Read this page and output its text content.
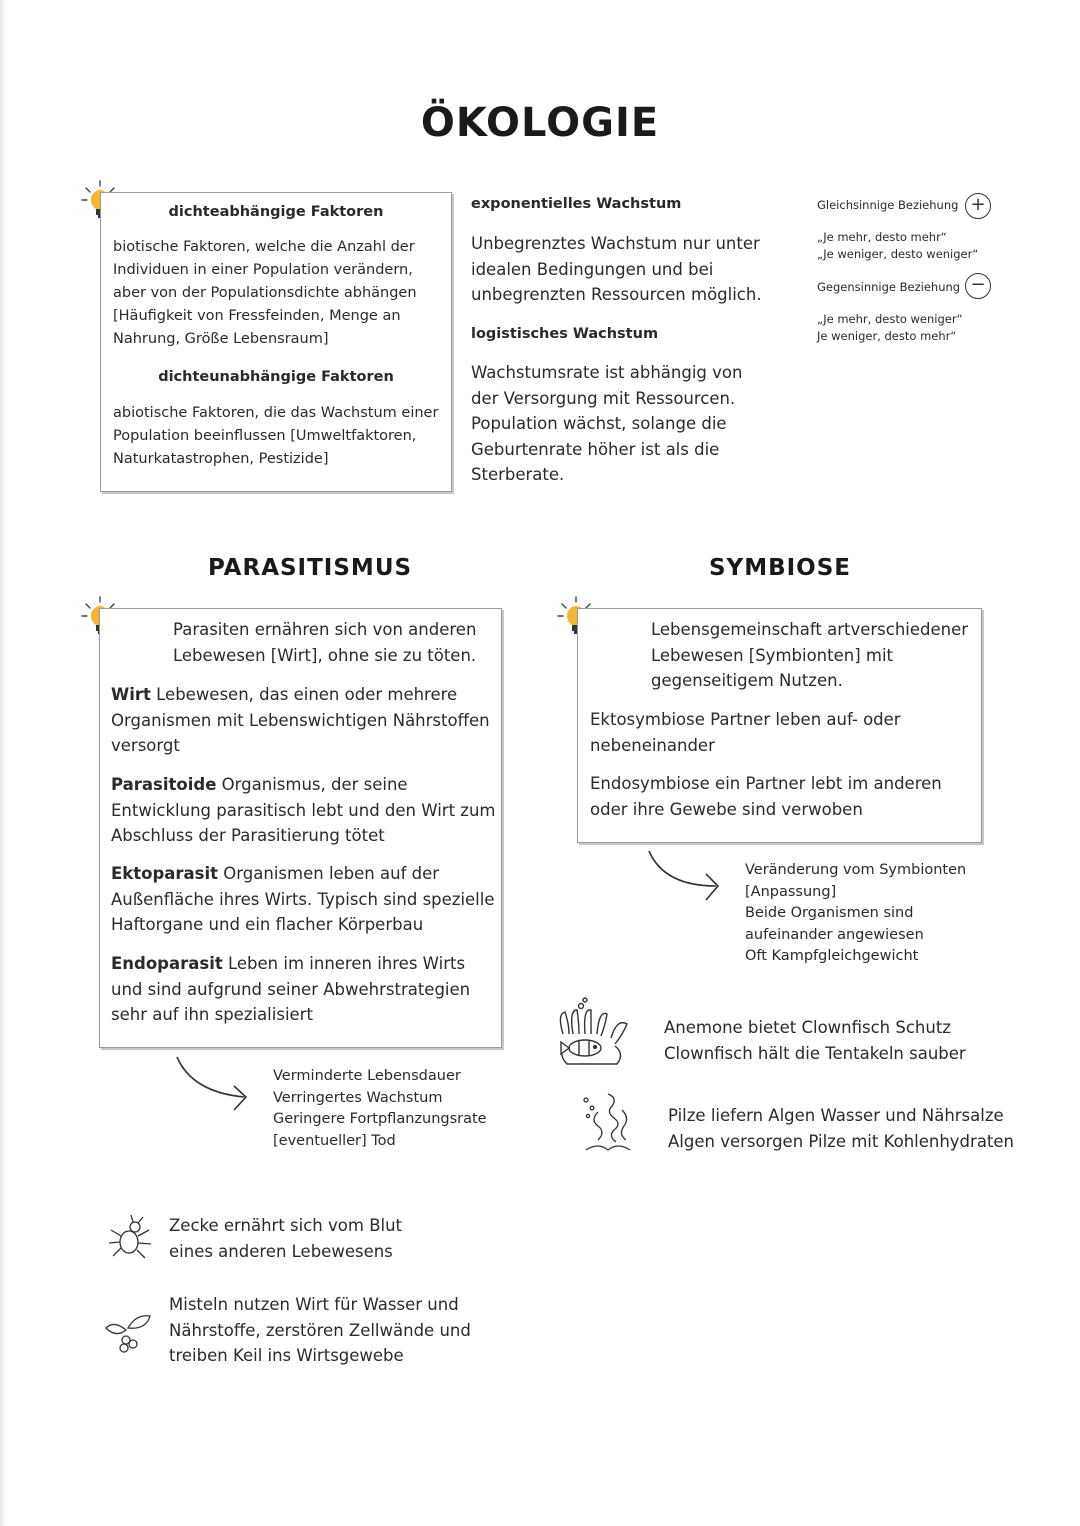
ÖKOLOGIE

dichteabhängige Faktoren

biotische Faktoren, welche die Anzahl der Individuen in einer Population verändern, aber von der Populationsdichte abhängen [Häufigkeit von Fressfeinden, Menge an Nahrung, Größe Lebensraum]

dichteunabhängige Faktoren

abiotische Faktoren, die das Wachstum einer Population beeinflussen [Umweltfaktoren, Naturkatastrophen, Pestizide]

exponentielles Wachstum

Unbegrenztes Wachstum nur unter idealen Bedingungen und bei unbegrenzten Ressourcen möglich.

logistisches Wachstum

Wachstumsrate ist abhängig von der Versorgung mit Ressourcen. Population wächst, solange die Geburtenrate höher ist als die Sterberate.

Gleichsinnige Beziehung +

„Je mehr, desto mehr“

„Je weniger, desto weniger“

Gegensinnige Beziehung −

„Je mehr, desto weniger“

Je weniger, desto mehr“

PARASITISMUS	SYMBIOSE

Parasiten ernähren sich von anderen Lebewesen [Wirt], ohne sie zu töten.

Wirt Lebewesen, das einen oder mehrere Organismen mit Lebenswichtigen Nährstoffen versorgt

Parasitoide Organismus, der seine Entwicklung parasitisch lebt und den Wirt zum Abschluss der Parasitierung tötet

Ektoparasit Organismen leben auf der Außenfläche ihres Wirts. Typisch sind spezielle Haftorgane und ein flacher Körperbau

Endoparasit Leben im inneren ihres Wirts und sind aufgrund seiner Abwehrstrategien sehr auf ihn spezialisiert

Verminderte Lebensdauer
Verringertes Wachstum
Geringere Fortpflanzungsrate
[eventueller] Tod
Zecke ernährt sich vom Blut
eines anderen Lebewesens
Misteln nutzen Wirt für Wasser und
Nährstoffe, zerstören Zellwände und
treiben Keil ins Wirtsgewebe

Lebensgemeinschaft artverschiedener Lebewesen [Symbionten] mit gegenseitigem Nutzen.

Ektosymbiose Partner leben auf- oder nebeneinander

Endosymbiose ein Partner lebt im anderen oder ihre Gewebe sind verwoben

Veränderung vom Symbionten
[Anpassung]
Beide Organismen sind
aufeinander angewiesen
Oft Kampfgleichgewicht
Anemone bietet Clownfisch Schutz
Clownfisch hält die Tentakeln sauber
Pilze liefern Algen Wasser und Nährsalze
Algen versorgen Pilze mit Kohlenhydraten
